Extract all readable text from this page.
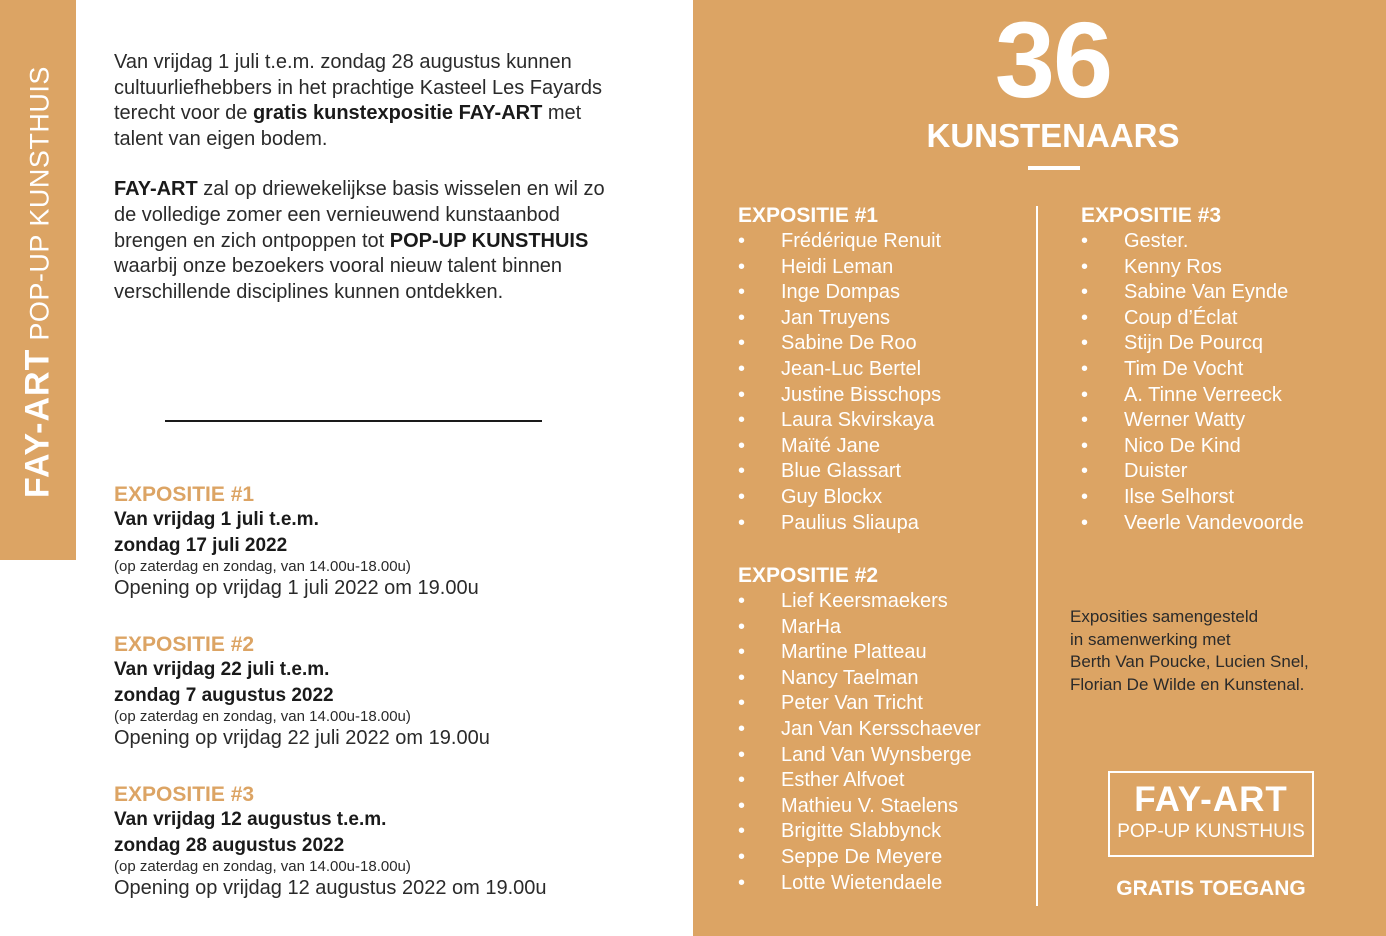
FAY-ART POP-UP KUNSTHUIS

Van vrijdag 1 juli t.e.m. zondag 28 augustus kunnen cultuurliefhebbers in het prachtige Kasteel Les Fayards terecht voor de gratis kunstexpositie FAY-ART met talent van eigen bodem.

FAY-ART zal op driewekelijkse basis wisselen en wil zo de volledige zomer een vernieuwend kunstaanbod brengen en zich ontpoppen tot POP-UP KUNSTHUIS waarbij onze bezoekers vooral nieuw talent binnen verschillende disciplines kunnen ontdekken.

EXPOSITIE #1
Van vrijdag 1 juli t.e.m.
zondag 17 juli 2022
(op zaterdag en zondag, van 14.00u-18.00u)
Opening op vrijdag 1 juli 2022 om 19.00u
EXPOSITIE #2
Van vrijdag 22 juli t.e.m.
zondag 7 augustus 2022
(op zaterdag en zondag, van 14.00u-18.00u)
Opening op vrijdag 22 juli 2022 om 19.00u
EXPOSITIE #3
Van vrijdag 12 augustus t.e.m.
zondag 28 augustus 2022
(op zaterdag en zondag, van 14.00u-18.00u)
Opening op vrijdag 12 augustus 2022 om 19.00u
36
KUNSTENAARS
EXPOSITIE #1
• Frédérique Renuit
• Heidi Leman
• Inge Dompas
• Jan Truyens
• Sabine De Roo
• Jean-Luc Bertel
• Justine Bisschops
• Laura Skvirskaya
• Maïté Jane
• Blue Glassart
• Guy Blockx
• Paulius Sliaupa
EXPOSITIE #2
• Lief Keersmaekers
• MarHa
• Martine Platteau
• Nancy Taelman
• Peter Van Tricht
• Jan Van Kersschaever
• Land Van Wynsberge
• Esther Alfvoet
• Mathieu V. Staelens
• Brigitte Slabbynck
• Seppe De Meyere
• Lotte Wietendaele
EXPOSITIE #3
• Gester.
• Kenny Ros
• Sabine Van Eynde
• Coup d’Éclat
• Stijn De Pourcq
• Tim De Vocht
• A. Tinne Verreeck
• Werner Watty
• Nico De Kind
• Duister
• Ilse Selhorst
• Veerle Vandevoorde
Exposities samengesteld
in samenwerking met
Berth Van Poucke, Lucien Snel,
Florian De Wilde en Kunstenal.
FAY-ART
POP-UP KUNSTHUIS
GRATIS TOEGANG
